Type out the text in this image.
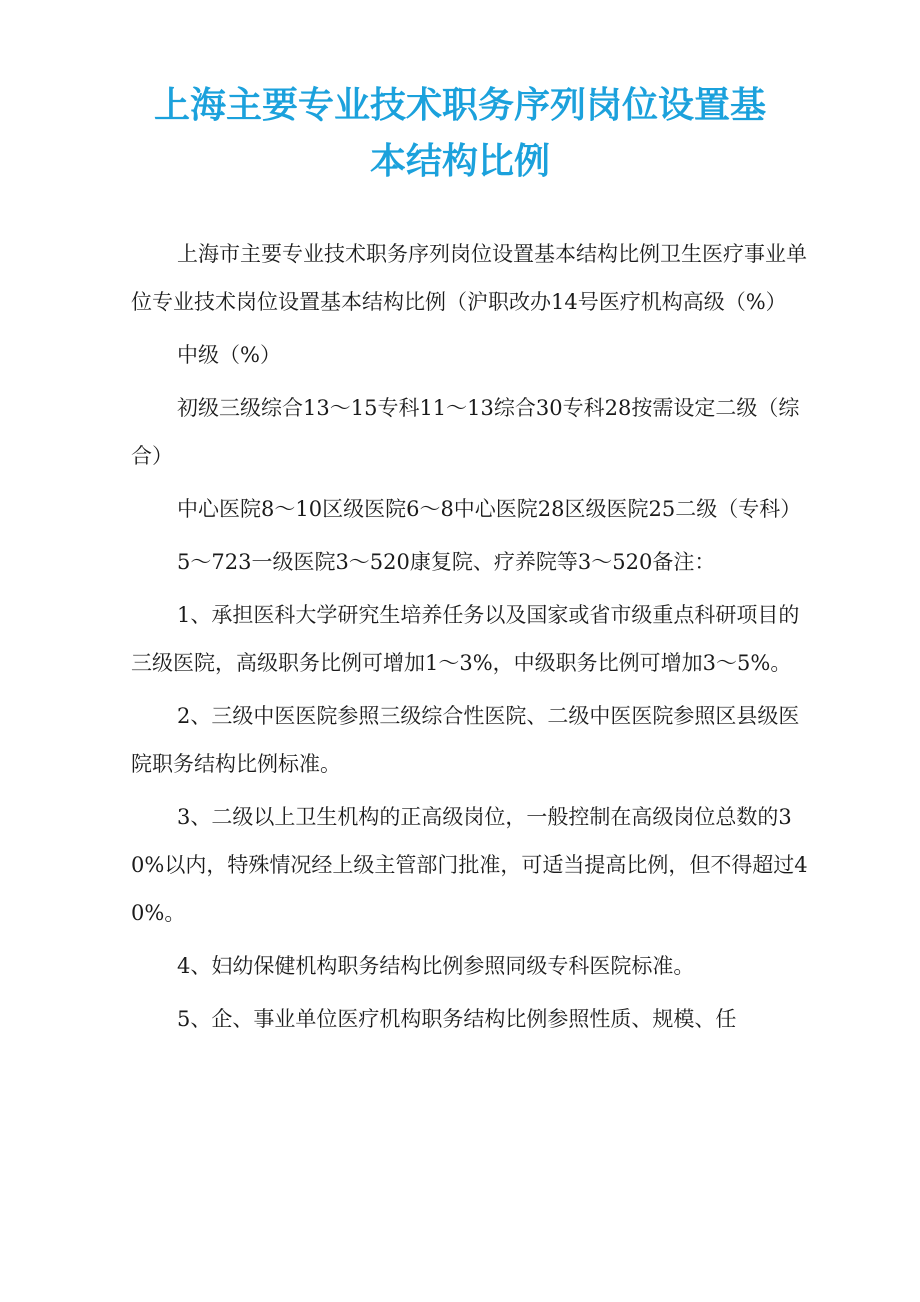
上海主要专业技术职务序列岗位设置基
本结构比例

上海市主要专业技术职务序列岗位设置基本结构比例卫生医疗事业单位专业技术岗位设置基本结构比例（沪职改办14号医疗机构高级（%）

中级（%）

初级三级综合13～15专科11～13综合30专科28按需设定二级（综合）

中心医院8～10区级医院6～8中心医院28区级医院25二级（专科）

5～723一级医院3～520康复院、疗养院等3～520备注：

1、承担医科大学研究生培养任务以及国家或省市级重点科研项目的三级医院，高级职务比例可增加1～3%，中级职务比例可增加3～5%。

2、三级中医医院参照三级综合性医院、二级中医医院参照区县级医院职务结构比例标准。

3、二级以上卫生机构的正高级岗位，一般控制在高级岗位总数的30%以内，特殊情况经上级主管部门批准，可适当提高比例，但不得超过40%。

4、妇幼保健机构职务结构比例参照同级专科医院标准。

5、企、事业单位医疗机构职务结构比例参照性质、规模、任
